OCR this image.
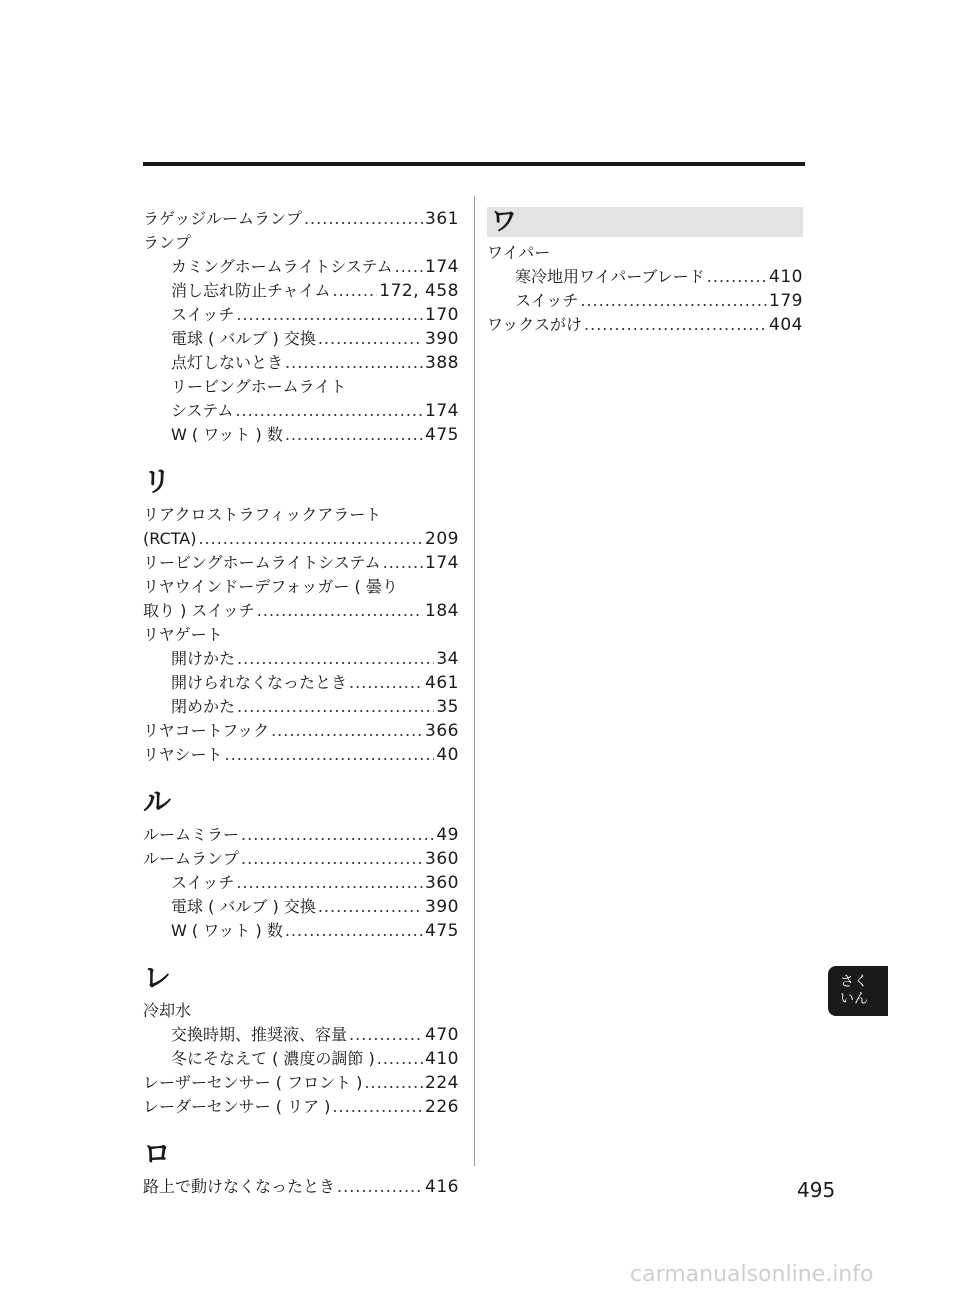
ラゲッジルームランプ .....	361
ランプ
カミングホームライトシステム ..... 174
消し忘れ防止チャイム .....	172, 458
スイッチ .....	170
電球 ( バルブ ) 交換 .....	390
点灯しないとき .....	388
リービングホームライト
システム .....	174
W ( ワット ) 数 .....	475
リ
リアクロストラフィックアラート
(RCTA) .....	209
リービングホームライトシステム .....	174
リヤウインドーデフォッガー ( 曇り
取り ) スイッチ .....	184
リヤゲート
開けかた .....	34
開けられなくなったとき .....	461
閉めかた .....	35
リヤコートフック .....	366
リヤシート .....	40
ル
ルームミラー .....	49
ルームランプ .....	360
スイッチ .....	360
電球 ( バルブ ) 交換 .....	390
W ( ワット ) 数 .....	475
レ
冷却水
交換時期、推奨液、容量 .....	470
冬にそなえて ( 濃度の調節 ) .....	410
レーザーセンサー ( フロント ) .....	224
レーダーセンサー ( リア ) .....	226
ロ
路上で動けなくなったとき .....	416
ワ
ワイパー
寒冷地用ワイパーブレード .....	410
スイッチ .....	179
ワックスがけ .....	404
さく
いん
495
carmanualsonline.info
